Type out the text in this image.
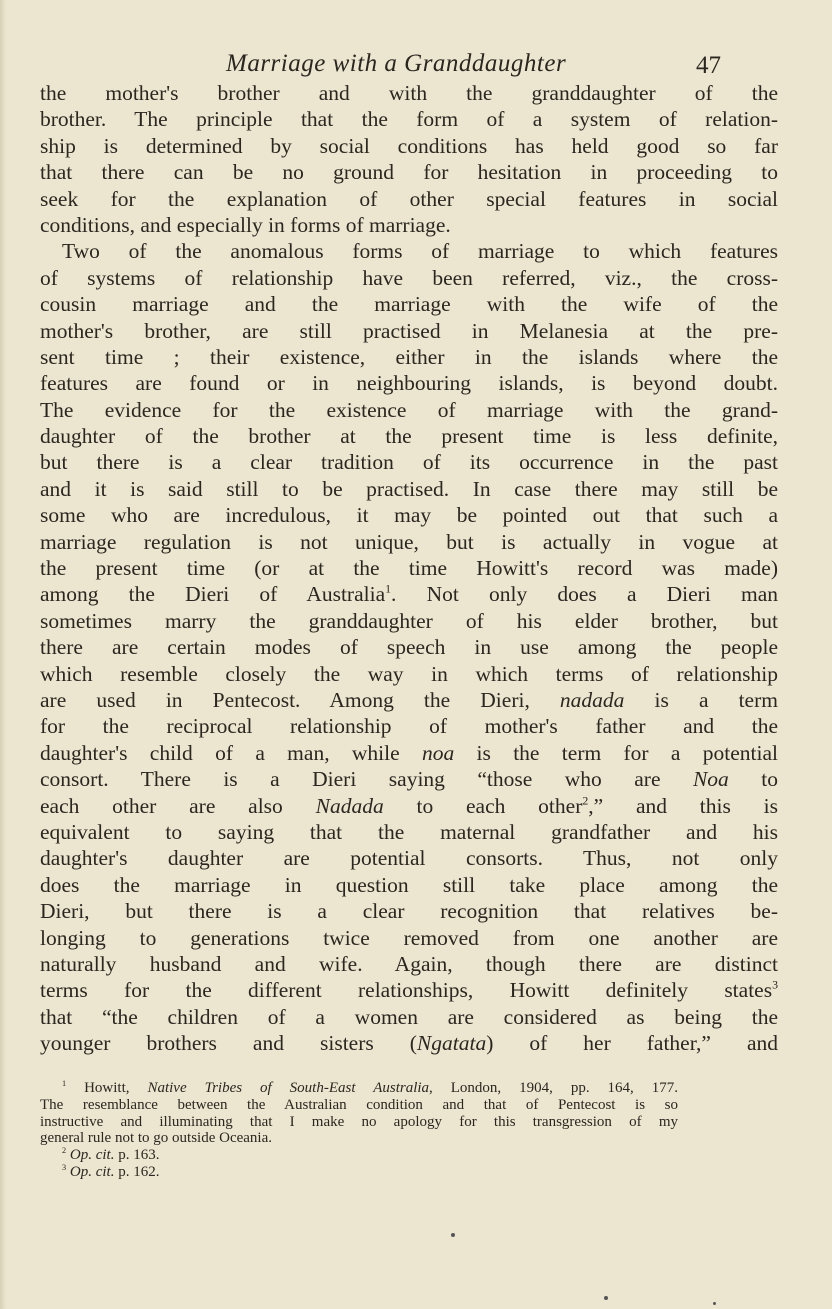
Marriage with a Granddaughter	47
the mother's brother and with the granddaughter of the
brother. The principle that the form of a system of relation-
ship is determined by social conditions has held good so far
that there can be no ground for hesitation in proceeding to
seek for the explanation of other special features in social
conditions, and especially in forms of marriage.
Two of the anomalous forms of marriage to which features
of systems of relationship have been referred, viz., the cross-
cousin marriage and the marriage with the wife of the
mother's brother, are still practised in Melanesia at the pre-
sent time ; their existence, either in the islands where the
features are found or in neighbouring islands, is beyond doubt.
The evidence for the existence of marriage with the grand-
daughter of the brother at the present time is less definite,
but there is a clear tradition of its occurrence in the past
and it is said still to be practised. In case there may still be
some who are incredulous, it may be pointed out that such a
marriage regulation is not unique, but is actually in vogue at
the present time (or at the time Howitt's record was made)
among the Dieri of Australia$^1$. Not only does a Dieri man
sometimes marry the granddaughter of his elder brother, but
there are certain modes of speech in use among the people
which resemble closely the way in which terms of relationship
are used in Pentecost. Among the Dieri, nadada is a term
for the reciprocal relationship of mother's father and the
daughter's child of a man, while noa is the term for a potential
consort. There is a Dieri saying “those who are Noa to
each other are also Nadada to each other$^2$,” and this is
equivalent to saying that the maternal grandfather and his
daughter's daughter are potential consorts. Thus, not only
does the marriage in question still take place among the
Dieri, but there is a clear recognition that relatives be-
longing to generations twice removed from one another are
naturally husband and wife. Again, though there are distinct
terms for the different relationships, Howitt definitely states$^3$
that “the children of a women are considered as being the
younger brothers and sisters (Ngatata) of her father,” and
$^1$ Howitt, Native Tribes of South-East Australia, London, 1904, pp. 164, 177.
The resemblance between the Australian condition and that of Pentecost is so
instructive and illuminating that I make no apology for this transgression of my
general rule not to go outside Oceania.
$^2$ Op. cit. p. 163.
$^3$ Op. cit. p. 162.
